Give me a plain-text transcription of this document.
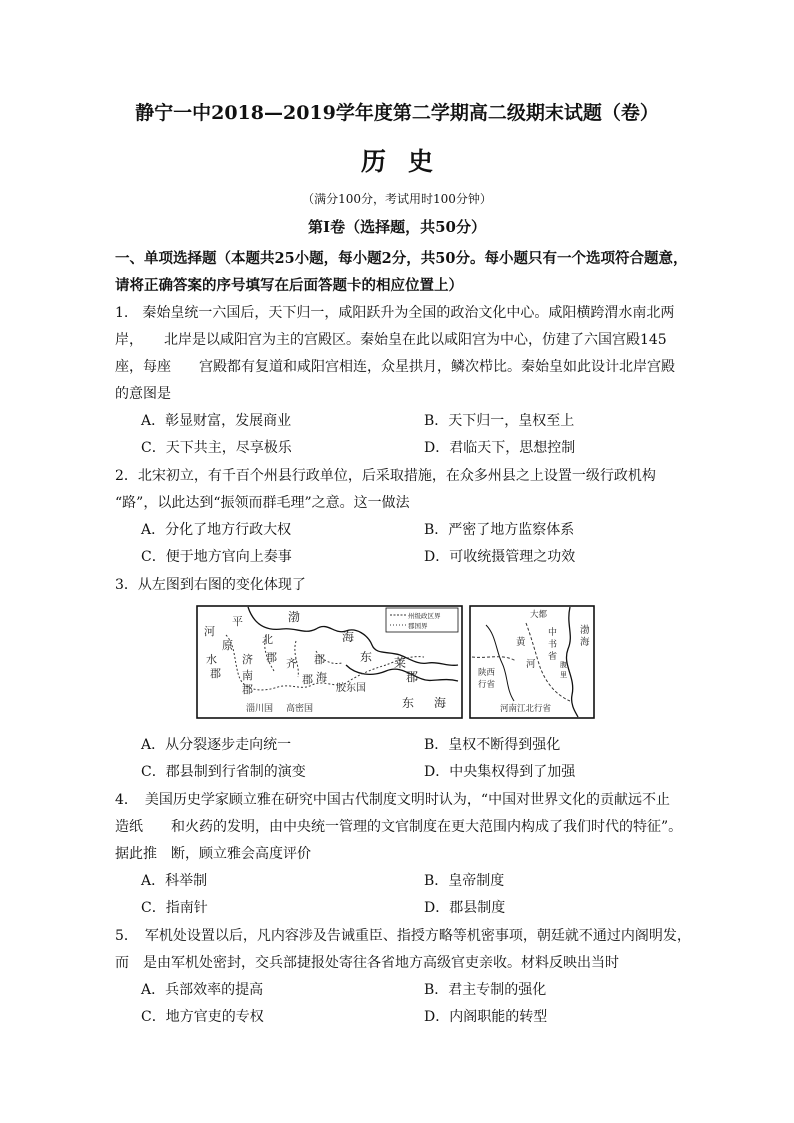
静宁一中2018—2019学年度第二学期高二级期末试题（卷）
历史
（满分100分，考试用时100分钟）
第Ⅰ卷（选择题，共50分）
一、单项选择题（本题共25小题，每小题2分，共50分。每小题只有一个选项符合题意，
请将正确答案的序号填写在后面答题卡的相应位置上）
1.　秦始皇统一六国后，天下归一，咸阳跃升为全国的政治文化中心。咸阳横跨渭水南北两
岸，　　北岸是以咸阳宫为主的宫殿区。秦始皇在此以咸阳宫为中心，仿建了六国宫殿145
座，每座　　宫殿都有复道和咸阳宫相连，众星拱月，鳞次栉比。秦始皇如此设计北岸宫殿
的意图是
A．彰显财富，发展商业	B．天下归一，皇权至上
C．天下共主，尽享极乐	D．君临天下，思想控制
2．北宋初立，有千百个州县行政单位，后采取措施，在众多州县之上设置一级行政机构
“路”，以此达到“振领而群毛理”之意。这一做法
A．分化了地方行政大权	B．严密了地方监察体系
C．便于地方官向上奏事	D．可收统摄管理之功效
3．从左图到右图的变化体现了
州级政区界
郡国界
平
河
原
渤
海
东 莱
济
北
齐
南
水
郡
郡
郡
海
郡	郡
胶东国
东 海
淄川国 高密国
郡
大都
渤
海
中
书
省
腹
里
陕西
行省
黄
河
河南江北行省
A．从分裂逐步走向统一	B．皇权不断得到强化
C．郡县制到行省制的演变	D．中央集权得到了加强
4．　美国历史学家顾立雅在研究中国古代制度文明时认为，“中国对世界文化的贡献远不止
造纸　　和火药的发明，由中央统一管理的文官制度在更大范围内构成了我们时代的特征”。
据此推　断，顾立雅会高度评价
A．科举制	B．皇帝制度
C．指南针	D．郡县制度
5．　军机处设置以后，凡内容涉及告诫重臣、指授方略等机密事项，朝廷就不通过内阁明发，
而　是由军机处密封，交兵部捷报处寄往各省地方高级官吏亲收。材料反映出当时
A．兵部效率的提高	B．君主专制的强化
C．地方官吏的专权	D．内阁职能的转型
